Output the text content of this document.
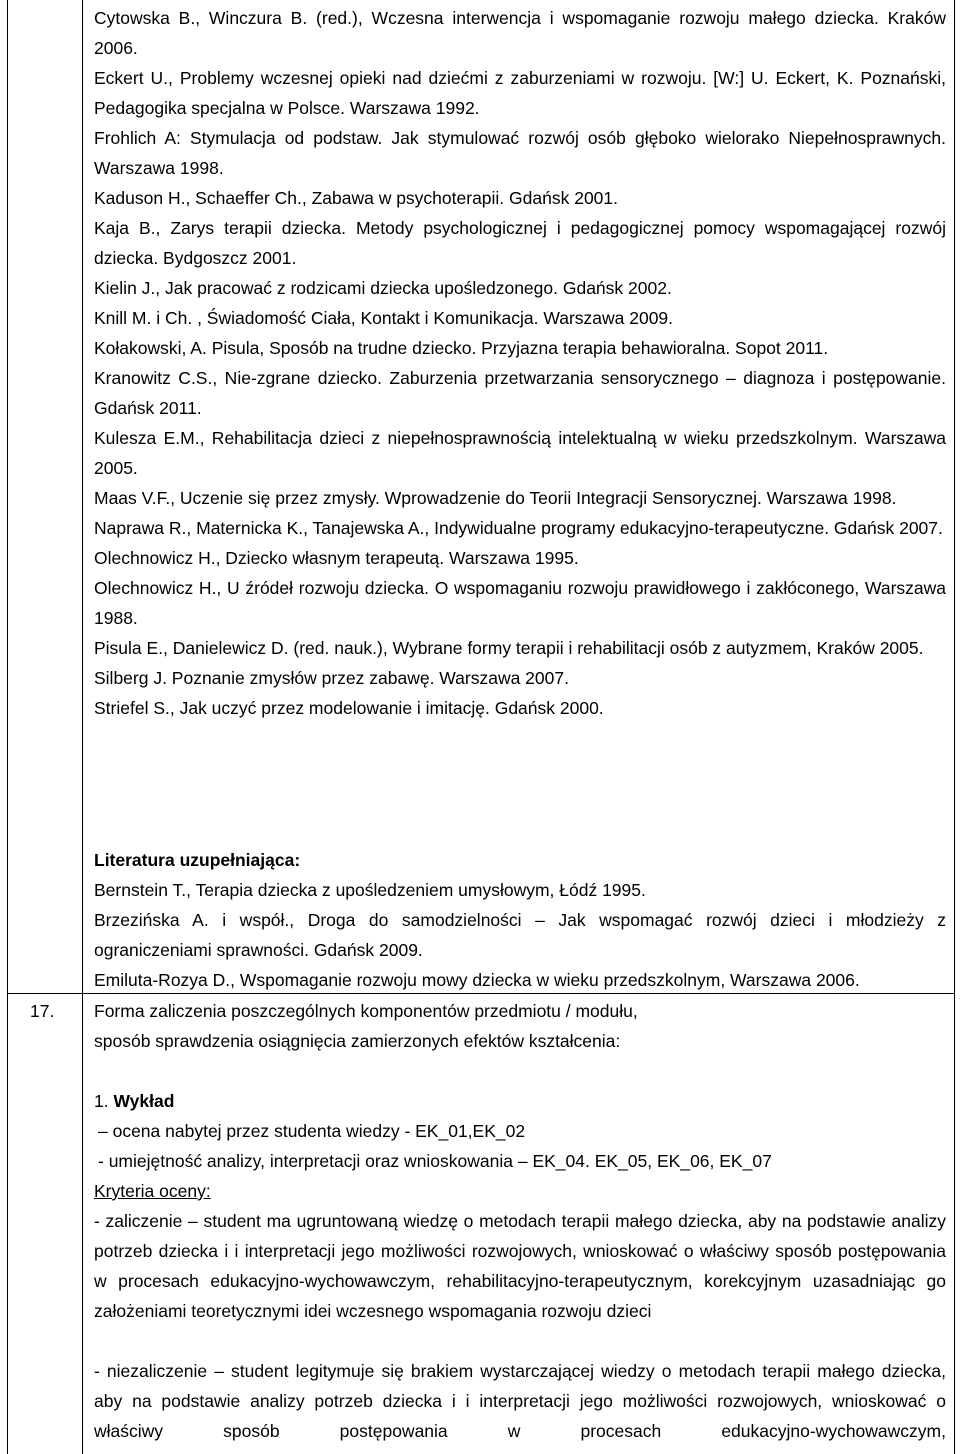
Cytowska B., Winczura B. (red.), Wczesna interwencja i wspomaganie rozwoju małego dziecka. Kraków 2006.

Eckert U., Problemy wczesnej opieki nad dziećmi z zaburzeniami w rozwoju. [W:] U. Eckert, K. Poznański, Pedagogika specjalna w Polsce. Warszawa 1992.

Frohlich A: Stymulacja od podstaw. Jak stymulować rozwój osób głęboko wielorako Niepełnosprawnych. Warszawa 1998.

Kaduson H., Schaeffer Ch., Zabawa w psychoterapii. Gdańsk 2001.

Kaja B., Zarys terapii dziecka. Metody psychologicznej i pedagogicznej pomocy wspomagającej rozwój dziecka. Bydgoszcz 2001.

Kielin J., Jak pracować z rodzicami dziecka upośledzonego. Gdańsk 2002.

Knill M. i Ch. , Świadomość Ciała, Kontakt i Komunikacja. Warszawa 2009.

Kołakowski, A. Pisula, Sposób na trudne dziecko. Przyjazna terapia behawioralna. Sopot 2011.

Kranowitz C.S., Nie-zgrane dziecko. Zaburzenia przetwarzania sensorycznego – diagnoza i postępowanie. Gdańsk 2011.

Kulesza E.M., Rehabilitacja dzieci z niepełnosprawnością intelektualną w wieku przedszkolnym. Warszawa 2005.

Maas V.F., Uczenie się przez zmysły. Wprowadzenie do Teorii Integracji Sensorycznej. Warszawa 1998.

Naprawa R., Maternicka K., Tanajewska A., Indywidualne programy edukacyjno-terapeutyczne. Gdańsk 2007.

Olechnowicz H., Dziecko własnym terapeutą. Warszawa 1995.

Olechnowicz H., U źródeł rozwoju dziecka. O wspomaganiu rozwoju prawidłowego i zakłóconego, Warszawa 1988.

Pisula E., Danielewicz D. (red. nauk.), Wybrane formy terapii i rehabilitacji osób z autyzmem, Kraków 2005.

Silberg J. Poznanie zmysłów przez zabawę. Warszawa 2007.

Striefel S., Jak uczyć przez modelowanie i imitację. Gdańsk 2000.

Literatura uzupełniająca:

Bernstein T., Terapia dziecka z upośledzeniem umysłowym, Łódź 1995.

Brzezińska A. i współ., Droga do samodzielności – Jak wspomagać rozwój dzieci i młodzieży z ograniczeniami sprawności. Gdańsk 2009.

Emiluta-Rozya D., Wspomaganie rozwoju mowy dziecka w wieku przedszkolnym, Warszawa 2006.

17. Forma zaliczenia poszczególnych komponentów przedmiotu / modułu,

sposób sprawdzenia osiągnięcia zamierzonych efektów kształcenia:

1. Wykład

– ocena nabytej przez studenta wiedzy - EK_01,EK_02

- umiejętność analizy, interpretacji oraz wnioskowania – EK_04. EK_05, EK_06, EK_07

Kryteria oceny:

- zaliczenie – student ma ugruntowaną wiedzę o metodach terapii małego dziecka, aby na podstawie analizy potrzeb dziecka i i interpretacji jego możliwości rozwojowych, wnioskować o właściwy sposób postępowania w procesach edukacyjno-wychowawczym, rehabilitacyjno-terapeutycznym, korekcyjnym uzasadniając go założeniami teoretycznymi idei wczesnego wspomagania rozwoju dzieci

- niezaliczenie – student legitymuje się brakiem wystarczającej wiedzy o metodach terapii małego dziecka, aby na podstawie analizy potrzeb dziecka i i interpretacji jego możliwości rozwojowych, wnioskować o właściwy sposób postępowania w procesach edukacyjno-wychowawczym,
